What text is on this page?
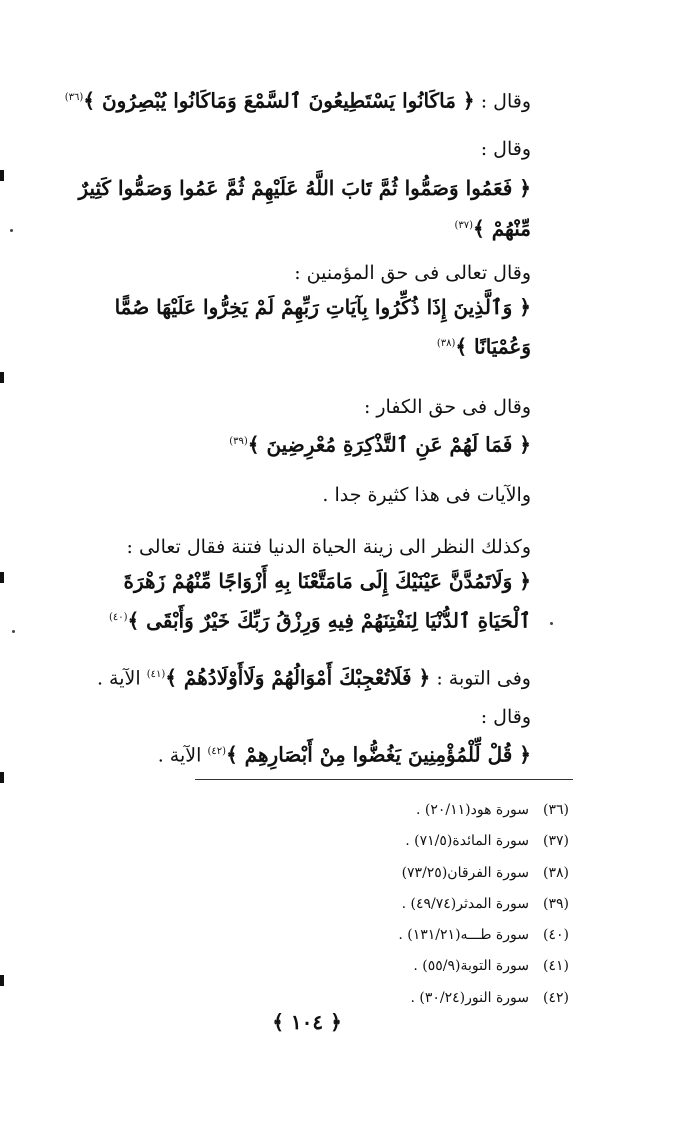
وقال : ﴿ مَاكَانُوا يَسْتَطِيعُونَ ٱلسَّمْعَ وَمَاكَانُوا يُبْصِرُونَ ﴾$^{(٣٦)}$
وقال :
﴿ فَعَمُوا وَصَمُّوا ثُمَّ تَابَ اللَّهُ عَلَيْهِمْ ثُمَّ عَمُوا وَصَمُّوا كَثِيرٌ
مِّنْهُمْ ﴾$^{(٣٧)}$
وقال تعالى فى حق المؤمنين :
﴿ وَٱلَّذِينَ إِذَا ذُكِّرُوا بِآيَاتِ رَبِّهِمْ لَمْ يَخِرُّوا عَلَيْهَا صُمًّا
وَعُمْيَانًا ﴾$^{(٣٨)}$
وقال فى حق الكفار :
﴿ فَمَا لَهُمْ عَنِ ٱلتَّذْكِرَةِ مُعْرِضِينَ ﴾$^{(٣٩)}$
والآيات فى هذا كثيرة جدا .
وكذلك النظر الى زينة الحياة الدنيا فتنة فقال تعالى :
﴿ وَلَاتَمُدَّنَّ عَيْنَيْكَ إِلَى مَامَتَّعْنَا بِهِ أَزْوَاجًا مِّنْهُمْ زَهْرَةَ
ٱلْحَيَاةِ ٱلدُّنْيَا لِنَفْتِنَهُمْ فِيهِ وَرِزْقُ رَبِّكَ خَيْرٌ وَأَبْقَى ﴾$^{(٤٠)}$
وفى التوبة : ﴿ فَلَاتُعْجِبْكَ أَمْوَالُهُمْ وَلَاأَوْلَادُهُمْ ﴾$^{(٤١)}$ الآية .
وقال :
﴿ قُلْ لِّلْمُؤْمِنِينَ يَغُضُّوا مِنْ أَبْصَارِهِمْ ﴾$^{(٤٢)}$ الآية .
(٣٦)سورة هود(٢٠/١١) .
(٣٧)سورة المائدة(٧١/٥) .
(٣٨)سورة الفرقان(٧٣/٢٥)
(٣٩)سورة المدثر(٤٩/٧٤) .
(٤٠)سورة طـــه(١٣١/٢١) .
(٤١)سورة التوبة(٥٥/٩) .
(٤٢)سورة النور(٣٠/٢٤) .
﴿ ١٠٤ ﴾
